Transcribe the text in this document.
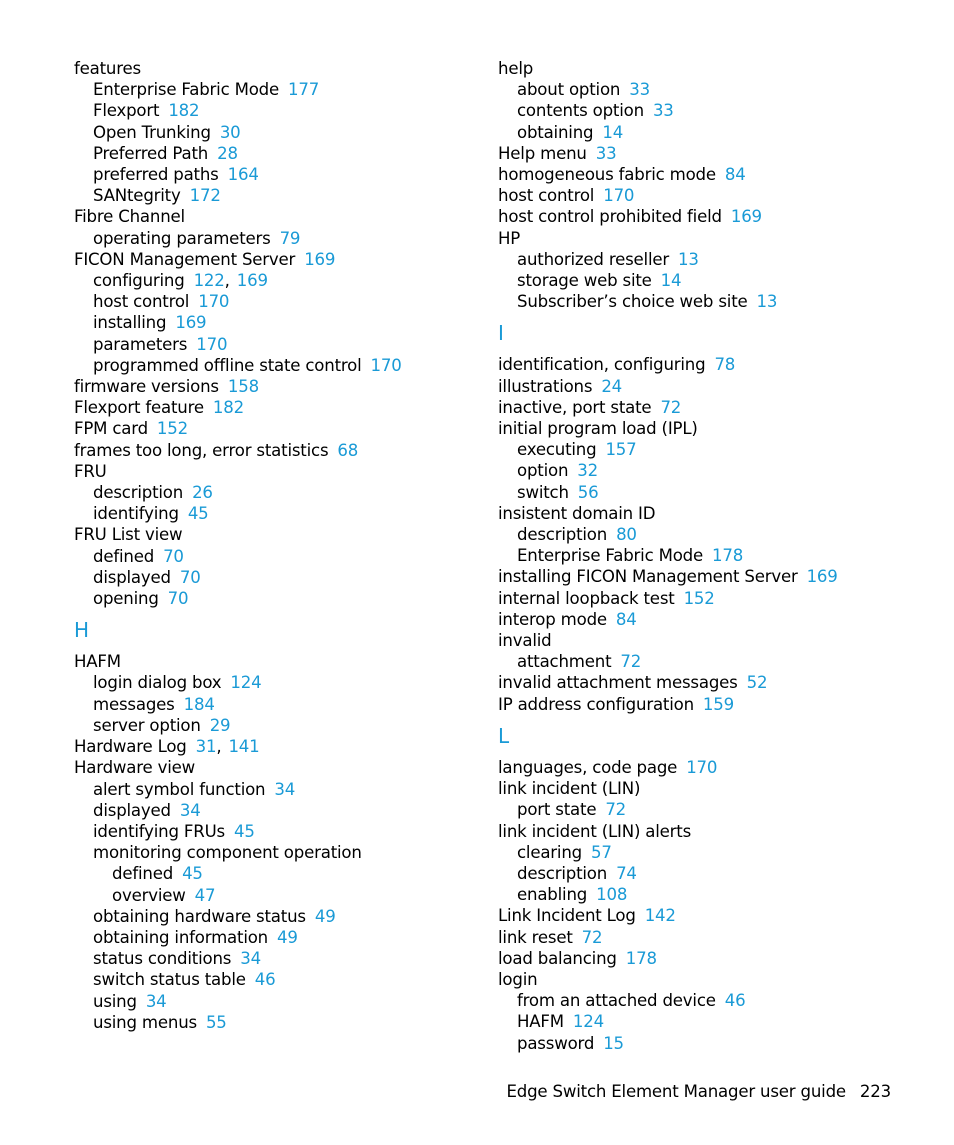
features
Enterprise Fabric Mode 177
Flexport 182
Open Trunking 30
Preferred Path 28
preferred paths 164
SANtegrity 172
Fibre Channel
operating parameters 79
FICON Management Server 169
configuring 122, 169
host control 170
installing 169
parameters 170
programmed offline state control 170
firmware versions 158
Flexport feature 182
FPM card 152
frames too long, error statistics 68
FRU
description 26
identifying 45
FRU List view
defined 70
displayed 70
opening 70
H
HAFM
login dialog box 124
messages 184
server option 29
Hardware Log 31, 141
Hardware view
alert symbol function 34
displayed 34
identifying FRUs 45
monitoring component operation
defined 45
overview 47
obtaining hardware status 49
obtaining information 49
status conditions 34
switch status table 46
using 34
using menus 55
help
about option 33
contents option 33
obtaining 14
Help menu 33
homogeneous fabric mode 84
host control 170
host control prohibited field 169
HP
authorized reseller 13
storage web site 14
Subscriber’s choice web site 13
I
identification, configuring 78
illustrations 24
inactive, port state 72
initial program load (IPL)
executing 157
option 32
switch 56
insistent domain ID
description 80
Enterprise Fabric Mode 178
installing FICON Management Server 169
internal loopback test 152
interop mode 84
invalid
attachment 72
invalid attachment messages 52
IP address configuration 159
L
languages, code page 170
link incident (LIN)
port state 72
link incident (LIN) alerts
clearing 57
description 74
enabling 108
Link Incident Log 142
link reset 72
load balancing 178
login
from an attached device 46
HAFM 124
password 15
Edge Switch Element Manager user guide 223
